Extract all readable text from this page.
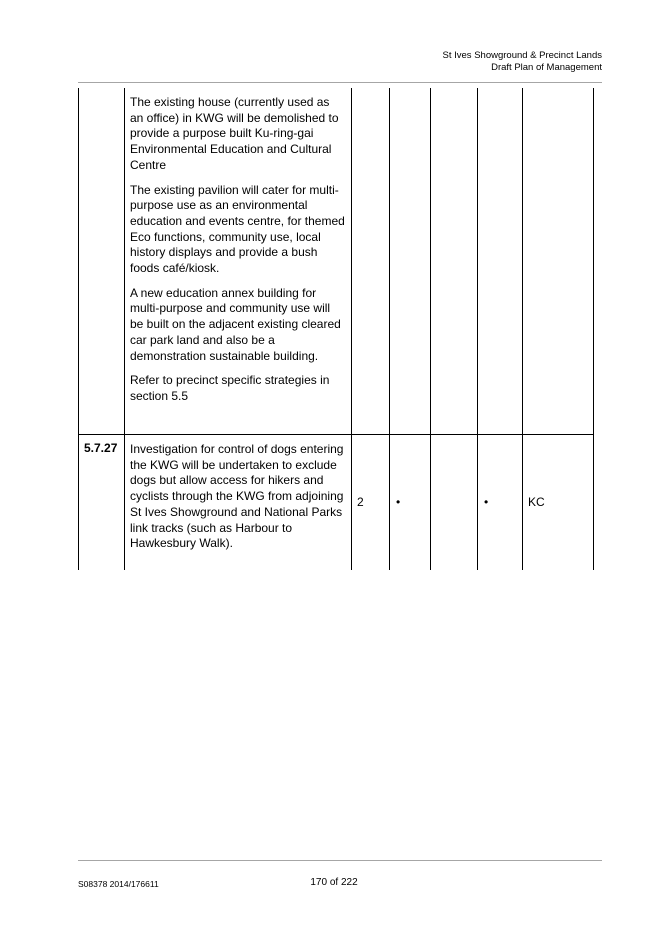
St Ives Showground & Precinct Lands
Draft Plan of Management

	The existing house (currently used as an office) in KWG will be demolished to provide a purpose built Ku-ring-gai Environmental Education and Cultural Centre

The existing pavilion will cater for multi-purpose use as an environmental education and events centre, for themed Eco functions, community use, local history displays and provide a bush foods café/kiosk.

A new education annex building for multi-purpose and community use will be built on the adjacent existing cleared car park land and also be a demonstration sustainable building.

Refer to precinct specific strategies in section 5.5					

5.7.27	Investigation for control of dogs entering the KWG will be undertaken to exclude dogs but allow access for hikers and cyclists through the KWG from adjoining St Ives Showground and National Parks link tracks (such as Harbour to Hawkesbury Walk).	2	•		•	KC
S08378 2014/176611	170 of 222
